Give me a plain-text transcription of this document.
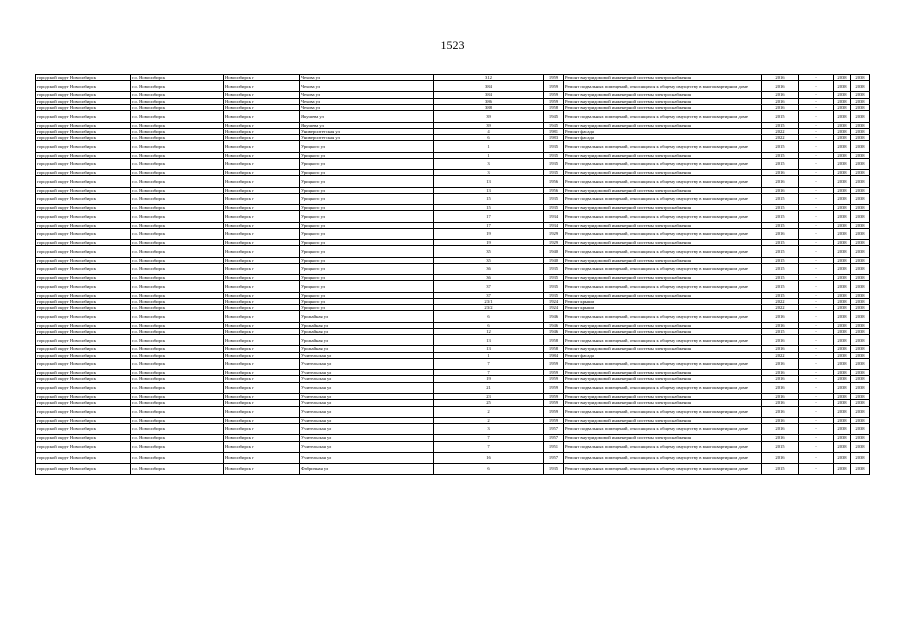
1523
городской округ Новосибирск	г.о. Новосибирск	Новосибирск г	Чехова ул	312	1959	Ремонт внутридомовой инженерной системы электроснабжения	2016	-	2038	2038
городской округ Новосибирск	г.о. Новосибирск	Новосибирск г	Чехова ул	384	1959	Ремонт подвальных помещений, относящихся к общему имуществу в многоквартирном доме	2016	-	2038	2038
городской округ Новосибирск	г.о. Новосибирск	Новосибирск г	Чехова ул	384	1959	Ремонт внутридомовой инженерной системы электроснабжения	2016	-	2038	2038
городской округ Новосибирск	г.о. Новосибирск	Новосибирск г	Чехова ул	386	1959	Ремонт внутридомовой инженерной системы электроснабжения	2016	-	2038	2038
городской округ Новосибирск	г.о. Новосибирск	Новосибирск г	Чехова ул	388	1958	Ремонт внутридомовой инженерной системы электроснабжения	2016	-	2038	2038
городской округ Новосибирск	г.о. Новосибирск	Новосибирск г	Якушева ул	39	1945	Ремонт подвальных помещений, относящихся к общему имуществу в многоквартирном доме	2015	-	2038	2038
городской округ Новосибирск	г.о. Новосибирск	Новосибирск г	Якушева ул	39	1945	Ремонт внутридомовой инженерной системы электроснабжения	2015	-	2038	2038
городской округ Новосибирск	г.о. Новосибирск	Новосибирск г	Университетская ул	4	1981	Ремонт фасада	2022	-	2038	2038
городской округ Новосибирск	г.о. Новосибирск	Новосибирск г	Университетская ул	6	1983	Ремонт фасада	2022	-	2038	2038
городской округ Новосибирск	г.о. Новосибирск	Новосибирск г	Урицкого ул	1	1935	Ремонт подвальных помещений, относящихся к общему имуществу в многоквартирном доме	2015	-	2038	2038
городской округ Новосибирск	г.о. Новосибирск	Новосибирск г	Урицкого ул	1	1935	Ремонт внутридомовой инженерной системы электроснабжения	2015	-	2038	2038
городской округ Новосибирск	г.о. Новосибирск	Новосибирск г	Урицкого ул	3	1935	Ремонт подвальных помещений, относящихся к общему имуществу в многоквартирном доме	2015	-	2038	2038
городской округ Новосибирск	г.о. Новосибирск	Новосибирск г	Урицкого ул	3	1935	Ремонт внутридомовой инженерной системы электроснабжения	2016	-	2038	2038
городской округ Новосибирск	г.о. Новосибирск	Новосибирск г	Урицкого ул	13	1956	Ремонт подвальных помещений, относящихся к общему имуществу в многоквартирном доме	2016	-	2038	2038
городской округ Новосибирск	г.о. Новосибирск	Новосибирск г	Урицкого ул	13	1956	Ремонт внутридомовой инженерной системы электроснабжения	2016	-	2038	2038
городской округ Новосибирск	г.о. Новосибирск	Новосибирск г	Урицкого ул	15	1935	Ремонт подвальных помещений, относящихся к общему имуществу в многоквартирном доме	2015	-	2038	2038
городской округ Новосибирск	г.о. Новосибирск	Новосибирск г	Урицкого ул	15	1935	Ремонт внутридомовой инженерной системы электроснабжения	2015	-	2038	2038
городской округ Новосибирск	г.о. Новосибирск	Новосибирск г	Урицкого ул	17	1934	Ремонт подвальных помещений, относящихся к общему имуществу в многоквартирном доме	2015	-	2038	2038
городской округ Новосибирск	г.о. Новосибирск	Новосибирск г	Урицкого ул	17	1934	Ремонт внутридомовой инженерной системы электроснабжения	2015	-	2038	2038
городской округ Новосибирск	г.о. Новосибирск	Новосибирск г	Урицкого ул	19	1929	Ремонт подвальных помещений, относящихся к общему имуществу в многоквартирном доме	2016	-	2038	2038
городской округ Новосибирск	г.о. Новосибирск	Новосибирск г	Урицкого ул	19	1929	Ремонт внутридомовой инженерной системы электроснабжения	2015	-	2038	2038
городской округ Новосибирск	г.о. Новосибирск	Новосибирск г	Урицкого ул	35	1940	Ремонт подвальных помещений, относящихся к общему имуществу в многоквартирном доме	2015	-	2038	2038
городской округ Новосибирск	г.о. Новосибирск	Новосибирск г	Урицкого ул	35	1940	Ремонт внутридомовой инженерной системы электроснабжения	2015	-	2038	2038
городской округ Новосибирск	г.о. Новосибирск	Новосибирск г	Урицкого ул	36	1935	Ремонт подвальных помещений, относящихся к общему имуществу в многоквартирном доме	2015	-	2038	2038
городской округ Новосибирск	г.о. Новосибирск	Новосибирск г	Урицкого ул	36	1935	Ремонт внутридомовой инженерной системы электроснабжения	2015	-	2038	2038
городской округ Новосибирск	г.о. Новосибирск	Новосибирск г	Урицкого ул	37	1935	Ремонт подвальных помещений, относящихся к общему имуществу в многоквартирном доме	2015	-	2038	2038
городской округ Новосибирск	г.о. Новосибирск	Новосибирск г	Урицкого ул	37	1935	Ремонт внутридомовой инженерной системы электроснабжения	2015	-	2038	2038
городской округ Новосибирск	г.о. Новосибирск	Новосибирск г	Урицкого ул	23/1	1924	Ремонт крыши	2022	-	2038	2038
городской округ Новосибирск	г.о. Новосибирск	Новосибирск г	Урицкого ул	23/2	1924	Ремонт крыши	2022	-	2038	2038
городской округ Новосибирск	г.о. Новосибирск	Новосибирск г	Урожайная ул	6	1946	Ремонт подвальных помещений, относящихся к общему имуществу в многоквартирном доме	2016	-	2038	2038
городской округ Новосибирск	г.о. Новосибирск	Новосибирск г	Урожайная ул	6	1946	Ремонт внутридомовой инженерной системы электроснабжения	2016	-	2038	2038
городской округ Новосибирск	г.о. Новосибирск	Новосибирск г	Урожайная ул	12	1946	Ремонт внутридомовой инженерной системы электроснабжения	2015	-	2038	2038
городской округ Новосибирск	г.о. Новосибирск	Новосибирск г	Урожайная ул	13	1958	Ремонт подвальных помещений, относящихся к общему имуществу в многоквартирном доме	2016	-	2038	2038
городской округ Новосибирск	г.о. Новосибирск	Новосибирск г	Урожайная ул	13	1958	Ремонт внутридомовой инженерной системы электроснабжения	2016	-	2038	2038
городской округ Новосибирск	г.о. Новосибирск	Новосибирск г	Учительская ул	1	1984	Ремонт фасада	2022	-	2038	2038
городской округ Новосибирск	г.о. Новосибирск	Новосибирск г	Учительская ул	7	1959	Ремонт подвальных помещений, относящихся к общему имуществу в многоквартирном доме	2016	-	2038	2038
городской округ Новосибирск	г.о. Новосибирск	Новосибирск г	Учительская ул	7	1959	Ремонт внутридомовой инженерной системы электроснабжения	2016	-	2038	2038
городской округ Новосибирск	г.о. Новосибирск	Новосибирск г	Учительская ул	19	1959	Ремонт внутридомовой инженерной системы электроснабжения	2016	-	2038	2038
городской округ Новосибирск	г.о. Новосибирск	Новосибирск г	Учительская ул	21	1959	Ремонт подвальных помещений, относящихся к общему имуществу в многоквартирном доме	2016	-	2038	2038
городской округ Новосибирск	г.о. Новосибирск	Новосибирск г	Учительская ул	23	1959	Ремонт внутридомовой инженерной системы электроснабжения	2016	-	2038	2038
городской округ Новосибирск	г.о. Новосибирск	Новосибирск г	Учительская ул	25	1959	Ремонт внутридомовой инженерной системы электроснабжения	2016	-	2038	2038
городской округ Новосибирск	г.о. Новосибирск	Новосибирск г	Учительская ул	2	1959	Ремонт подвальных помещений, относящихся к общему имуществу в многоквартирном доме	2016	-	2038	2038
городской округ Новосибирск	г.о. Новосибирск	Новосибирск г	Учительская ул	2	1959	Ремонт внутридомовой инженерной системы электроснабжения	2016	-	2038	2038
городской округ Новосибирск	г.о. Новосибирск	Новосибирск г	Учительская ул	3	1957	Ремонт подвальных помещений, относящихся к общему имуществу в многоквартирном доме	2016	-	2038	2038
городской округ Новосибирск	г.о. Новосибирск	Новосибирск г	Учительская ул	7	1957	Ремонт внутридомовой инженерной системы электроснабжения	2016	-	2038	2038
городской округ Новосибирск	г.о. Новосибирск	Новосибирск г	Учительская ул	7	1951	Ремонт подвальных помещений, относящихся к общему имуществу в многоквартирном доме	2015	-	2038	2038
городской округ Новосибирск	г.о. Новосибирск	Новосибирск г	Учительская ул	16	1957	Ремонт подвальных помещений, относящихся к общему имуществу в многоквартирном доме	2016	-	2038	2038
городской округ Новосибирск	г.о. Новосибирск	Новосибирск г	Фабричная ул	6	1935	Ремонт подвальных помещений, относящихся к общему имуществу в многоквартирном доме	2015	-	2038	2038
